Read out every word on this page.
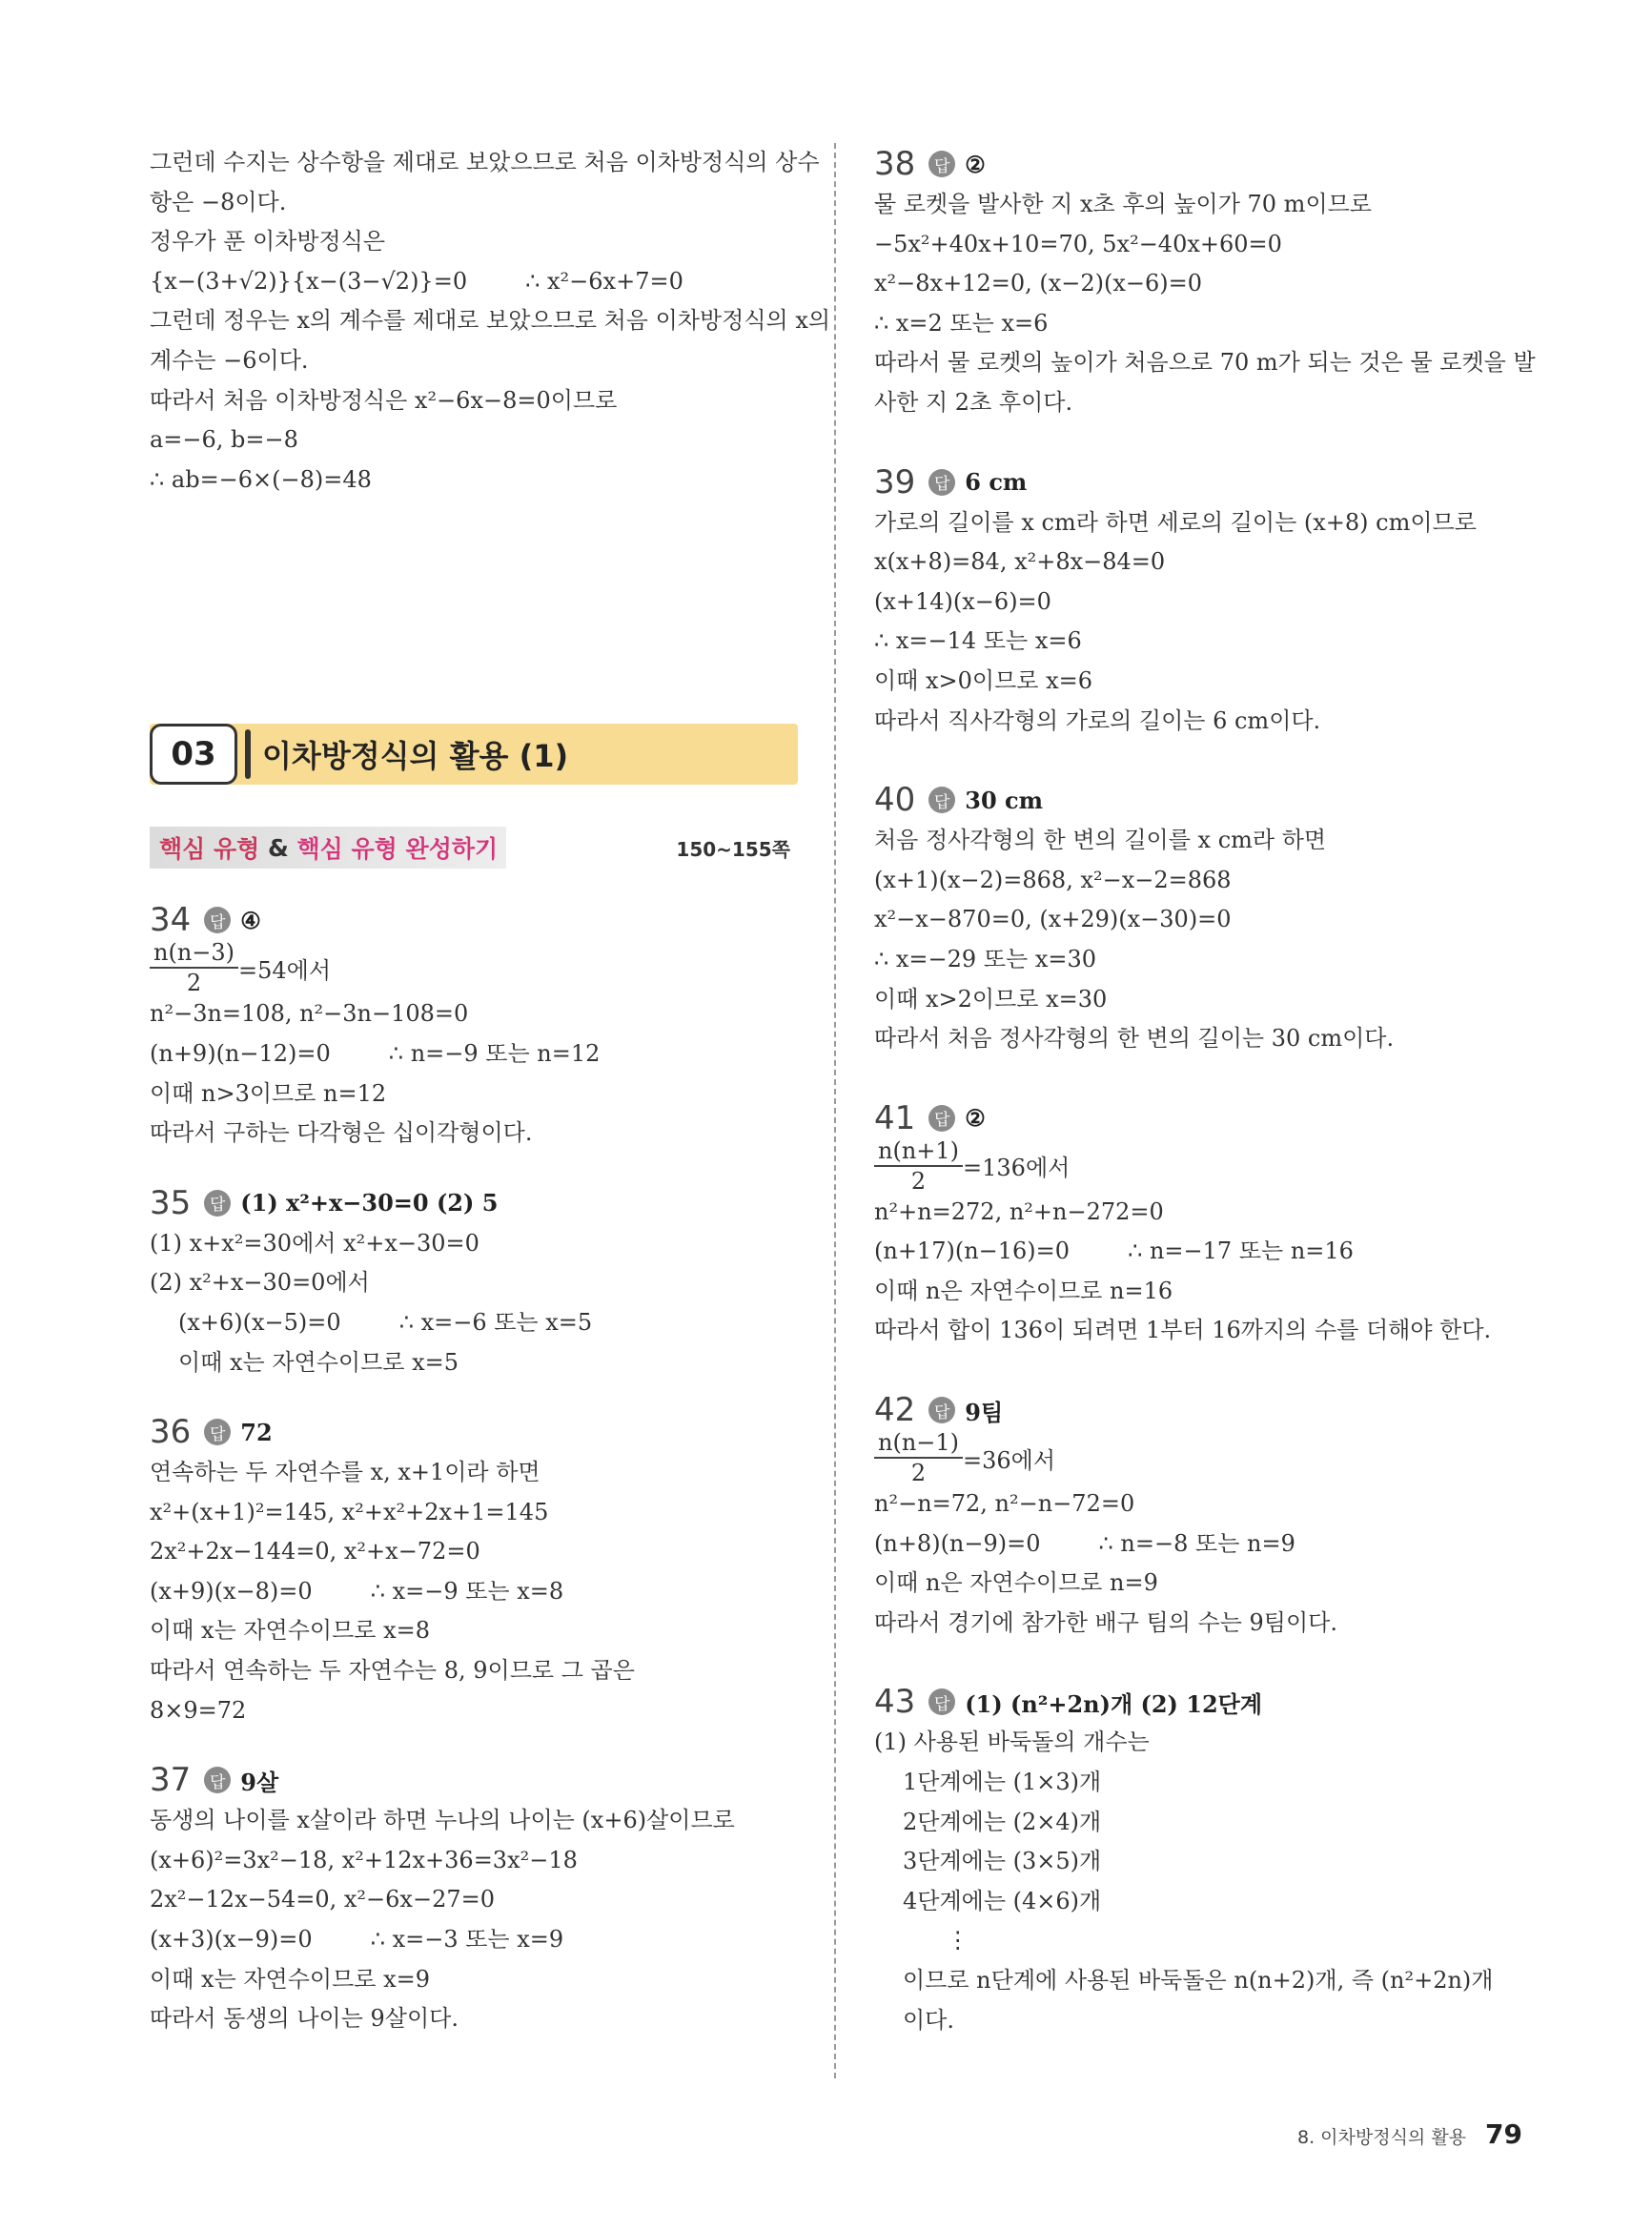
그런데 수지는 상수항을 제대로 보았으므로 처음 이차방정식의 상수
항은 −8이다.
정우가 푼 이차방정식은
{x−(3+√2)}{x−(3−√2)}=0        ∴ x²−6x+7=0
그런데 정우는 x의 계수를 제대로 보았으므로 처음 이차방정식의 x의
계수는 −6이다.
따라서 처음 이차방정식은 x²−6x−8=0이므로
a=−6, b=−8
∴ ab=−6×(−8)=48
03	이차방정식의 활용 (1)
핵심 유형 & 핵심 유형 완성하기	150~155쪽
34	답 ④
$\frac{n(n-3)}{2} =54$에서
n²−3n=108, n²−3n−108=0
(n+9)(n−12)=0        ∴ n=−9 또는 n=12
이때 n>3이므로 n=12
따라서 구하는 다각형은 십이각형이다.
35	답 (1) x²+x−30=0 (2) 5
(1) x+x²=30에서 x²+x−30=0
(2) x²+x−30=0에서
(x+6)(x−5)=0        ∴ x=−6 또는 x=5
이때 x는 자연수이므로 x=5
36	답 72
연속하는 두 자연수를 x, x+1이라 하면
x²+(x+1)²=145, x²+x²+2x+1=145
2x²+2x−144=0, x²+x−72=0
(x+9)(x−8)=0        ∴ x=−9 또는 x=8
이때 x는 자연수이므로 x=8
따라서 연속하는 두 자연수는 8, 9이므로 그 곱은
8×9=72
37	답 9살
동생의 나이를 x살이라 하면 누나의 나이는 (x+6)살이므로
(x+6)²=3x²−18, x²+12x+36=3x²−18
2x²−12x−54=0, x²−6x−27=0
(x+3)(x−9)=0        ∴ x=−3 또는 x=9
이때 x는 자연수이므로 x=9
따라서 동생의 나이는 9살이다.
38	답 ②
물 로켓을 발사한 지 x초 후의 높이가 70 m이므로
−5x²+40x+10=70, 5x²−40x+60=0
x²−8x+12=0, (x−2)(x−6)=0
∴ x=2 또는 x=6
따라서 물 로켓의 높이가 처음으로 70 m가 되는 것은 물 로켓을 발
사한 지 2초 후이다.
39	답 6 cm
가로의 길이를 x cm라 하면 세로의 길이는 (x+8) cm이므로
x(x+8)=84, x²+8x−84=0
(x+14)(x−6)=0
∴ x=−14 또는 x=6
이때 x>0이므로 x=6
따라서 직사각형의 가로의 길이는 6 cm이다.
40	답 30 cm
처음 정사각형의 한 변의 길이를 x cm라 하면
(x+1)(x−2)=868, x²−x−2=868
x²−x−870=0, (x+29)(x−30)=0
∴ x=−29 또는 x=30
이때 x>2이므로 x=30
따라서 처음 정사각형의 한 변의 길이는 30 cm이다.
41	답 ②
$\frac{n(n+1)}{2} =136$에서
n²+n=272, n²+n−272=0
(n+17)(n−16)=0        ∴ n=−17 또는 n=16
이때 n은 자연수이므로 n=16
따라서 합이 136이 되려면 1부터 16까지의 수를 더해야 한다.
42	답 9팀
$\frac{n(n-1)}{2} =36$에서
n²−n=72, n²−n−72=0
(n+8)(n−9)=0        ∴ n=−8 또는 n=9
이때 n은 자연수이므로 n=9
따라서 경기에 참가한 배구 팀의 수는 9팀이다.
43	답 (1) (n²+2n)개 (2) 12단계
(1) 사용된 바둑돌의 개수는
1단계에는 (1×3)개
2단계에는 (2×4)개
3단계에는 (3×5)개
4단계에는 (4×6)개
⋮
이므로 n단계에 사용된 바둑돌은 n(n+2)개, 즉 (n²+2n)개
이다.
8. 이차방정식의 활용 79
